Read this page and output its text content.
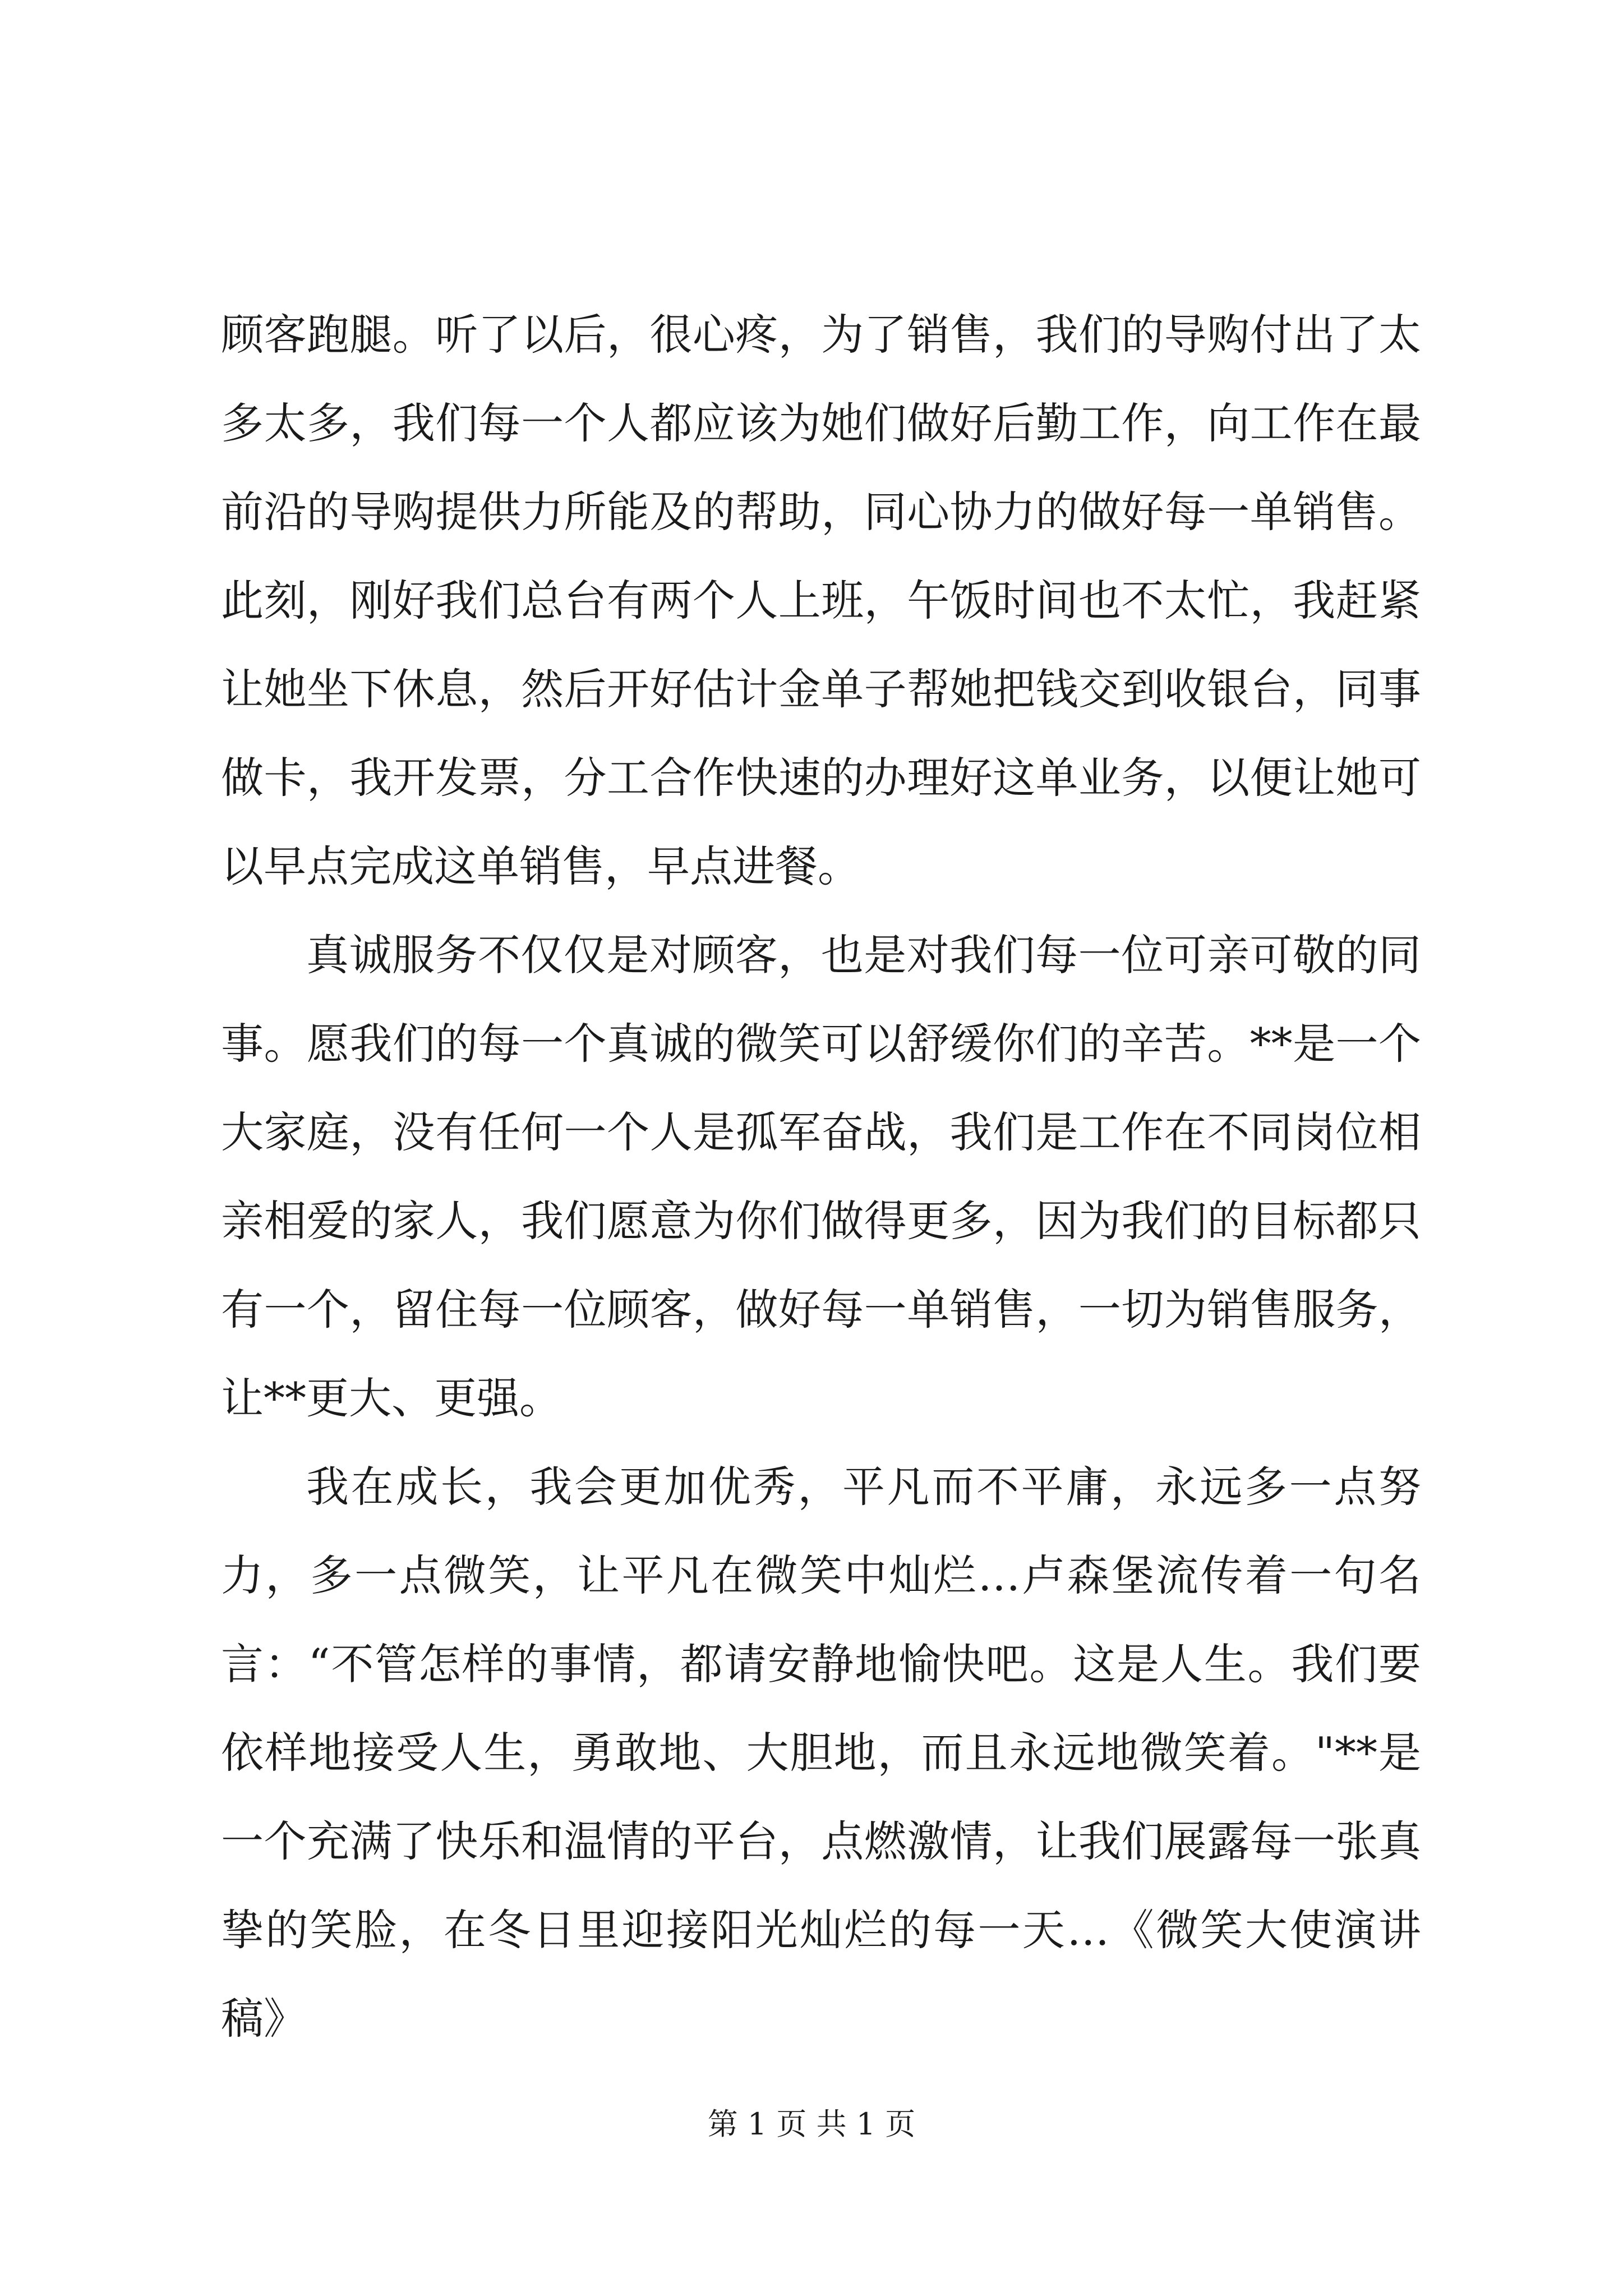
顾客跑腿。听了以后，很心疼，为了销售，我们的导购付出了太多太多，我们每一个人都应该为她们做好后勤工作，向工作在最前沿的导购提供力所能及的帮助，同心协力的做好每一单销售。此刻，刚好我们总台有两个人上班，午饭时间也不太忙，我赶紧让她坐下休息，然后开好估计金单子帮她把钱交到收银台，同事做卡，我开发票，分工合作快速的办理好这单业务，以便让她可以早点完成这单销售，早点进餐。

真诚服务不仅仅是对顾客，也是对我们每一位可亲可敬的同事。愿我们的每一个真诚的微笑可以舒缓你们的辛苦。**是一个大家庭，没有任何一个人是孤军奋战，我们是工作在不同岗位相亲相爱的家人，我们愿意为你们做得更多，因为我们的目标都只有一个，留住每一位顾客，做好每一单销售，一切为销售服务，让**更大、更强。

我在成长，我会更加优秀，平凡而不平庸，永远多一点努力，多一点微笑，让平凡在微笑中灿烂…卢森堡流传着一句名言：“不管怎样的事情，都请安静地愉快吧。这是人生。我们要依样地接受人生，勇敢地、大胆地，而且永远地微笑着。"**是一个充满了快乐和温情的平台，点燃激情，让我们展露每一张真挚的笑脸，在冬日里迎接阳光灿烂的每一天…《微笑大使演讲稿》

第 1 页 共 1 页
